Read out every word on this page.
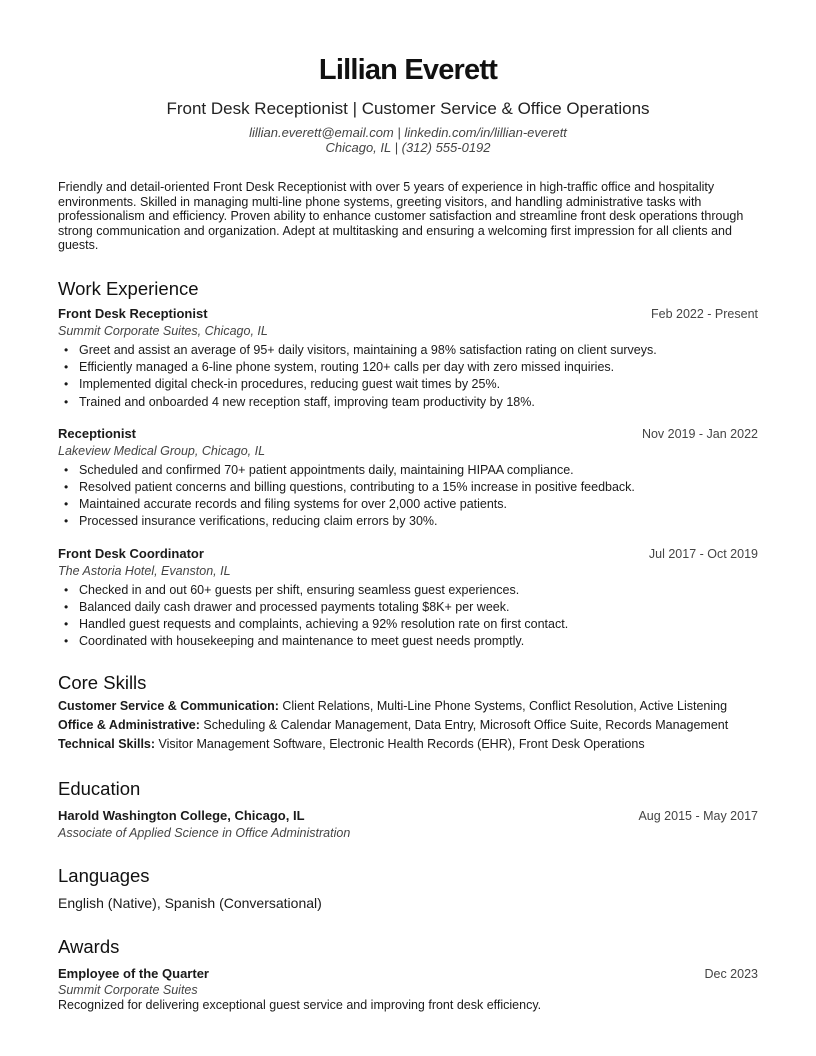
Lillian Everett
Front Desk Receptionist | Customer Service & Office Operations
lillian.everett@email.com | linkedin.com/in/lillian-everett
Chicago, IL | (312) 555-0192
Friendly and detail-oriented Front Desk Receptionist with over 5 years of experience in high-traffic office and hospitality environments. Skilled in managing multi-line phone systems, greeting visitors, and handling administrative tasks with professionalism and efficiency. Proven ability to enhance customer satisfaction and streamline front desk operations through strong communication and organization. Adept at multitasking and ensuring a welcoming first impression for all clients and guests.
Work Experience
Front Desk Receptionist	Feb 2022 - Present
Summit Corporate Suites, Chicago, IL
• Greet and assist an average of 95+ daily visitors, maintaining a 98% satisfaction rating on client surveys.
• Efficiently managed a 6-line phone system, routing 120+ calls per day with zero missed inquiries.
• Implemented digital check-in procedures, reducing guest wait times by 25%.
• Trained and onboarded 4 new reception staff, improving team productivity by 18%.
Receptionist	Nov 2019 - Jan 2022
Lakeview Medical Group, Chicago, IL
• Scheduled and confirmed 70+ patient appointments daily, maintaining HIPAA compliance.
• Resolved patient concerns and billing questions, contributing to a 15% increase in positive feedback.
• Maintained accurate records and filing systems for over 2,000 active patients.
• Processed insurance verifications, reducing claim errors by 30%.
Front Desk Coordinator	Jul 2017 - Oct 2019
The Astoria Hotel, Evanston, IL
• Checked in and out 60+ guests per shift, ensuring seamless guest experiences.
• Balanced daily cash drawer and processed payments totaling $8K+ per week.
• Handled guest requests and complaints, achieving a 92% resolution rate on first contact.
• Coordinated with housekeeping and maintenance to meet guest needs promptly.
Core Skills
Customer Service & Communication: Client Relations, Multi-Line Phone Systems, Conflict Resolution, Active Listening
Office & Administrative: Scheduling & Calendar Management, Data Entry, Microsoft Office Suite, Records Management
Technical Skills: Visitor Management Software, Electronic Health Records (EHR), Front Desk Operations
Education
Harold Washington College, Chicago, IL	Aug 2015 - May 2017
Associate of Applied Science in Office Administration
Languages
English (Native), Spanish (Conversational)
Awards
Employee of the Quarter	Dec 2023
Summit Corporate Suites
Recognized for delivering exceptional guest service and improving front desk efficiency.
